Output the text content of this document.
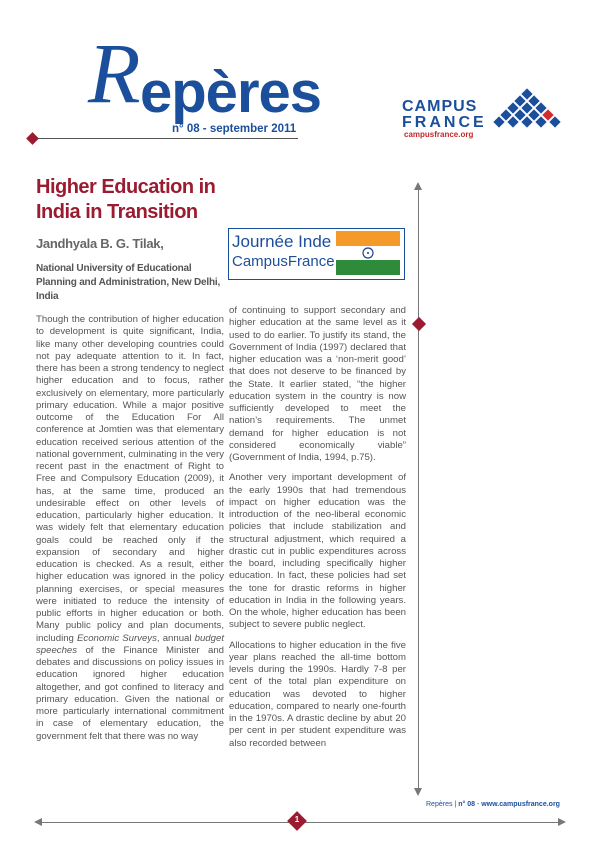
R
epères
n° 08 - september 2011
CAMPUS
FRANCE
campusfrance.org
Higher Education in India in Transition
Jandhyala B. G. Tilak,

National University of Educational Planning and Administration, New Delhi, India

Journée Inde
CampusFrance

Though the contribution of higher education to development is quite significant, India, like many other developing countries could not pay adequate attention to it. In fact, there has been a strong tendency to neglect higher education and to focus, rather exclusively on elementary, more particularly primary education. While a major positive outcome of the Education For All conference at Jomtien was that elementary education received serious attention of the national government, culminating in the very recent past in the enactment of Right to Free and Compulsory Education (2009), it has, at the same time, produced an undesirable effect on other levels of education, particularly higher education. It was widely felt that elementary education goals could be reached only if the expansion of secondary and higher education is checked. As a result, either higher education was ignored in the policy planning exercises, or special measures were initiated to reduce the intensity of public efforts in higher education or both. Many public policy and plan documents, including Economic Surveys, annual budget speeches of the Finance Minister and debates and discussions on policy issues in education ignored higher education altogether, and got confined to literacy and primary education. Given the national or more particularly international commitment in case of elementary education, the government felt that there was no way

of continuing to support secondary and higher education at the same level as it used to do earlier. To justify its stand, the Government of India (1997) declared that higher education was a ‘non-merit good’ that does not deserve to be financed by the State. It earlier stated, “the higher education system in the country is now sufficiently developed to meet the nation’s requirements. The unmet demand for higher education is not considered economically viable” (Government of India, 1994, p.75).

Another very important development of the early 1990s that had tremendous impact on higher education was the introduction of the neo-liberal economic policies that include stabilization and structural adjustment, which required a drastic cut in public expenditures across the board, including specifically higher education. In fact, these policies had set the tone for drastic reforms in higher education in India in the following years. On the whole, higher education has been subject to severe public neglect.

Allocations to higher education in the five year plans reached the all-time bottom levels during the 1990s. Hardly 7-8 per cent of the total plan expenditure on education was devoted to higher education, compared to nearly one-fourth in the 1970s. A drastic decline by abut 20 per cent in per student expenditure was also recorded between

Repères | n° 08 - www.campusfrance.org
1
